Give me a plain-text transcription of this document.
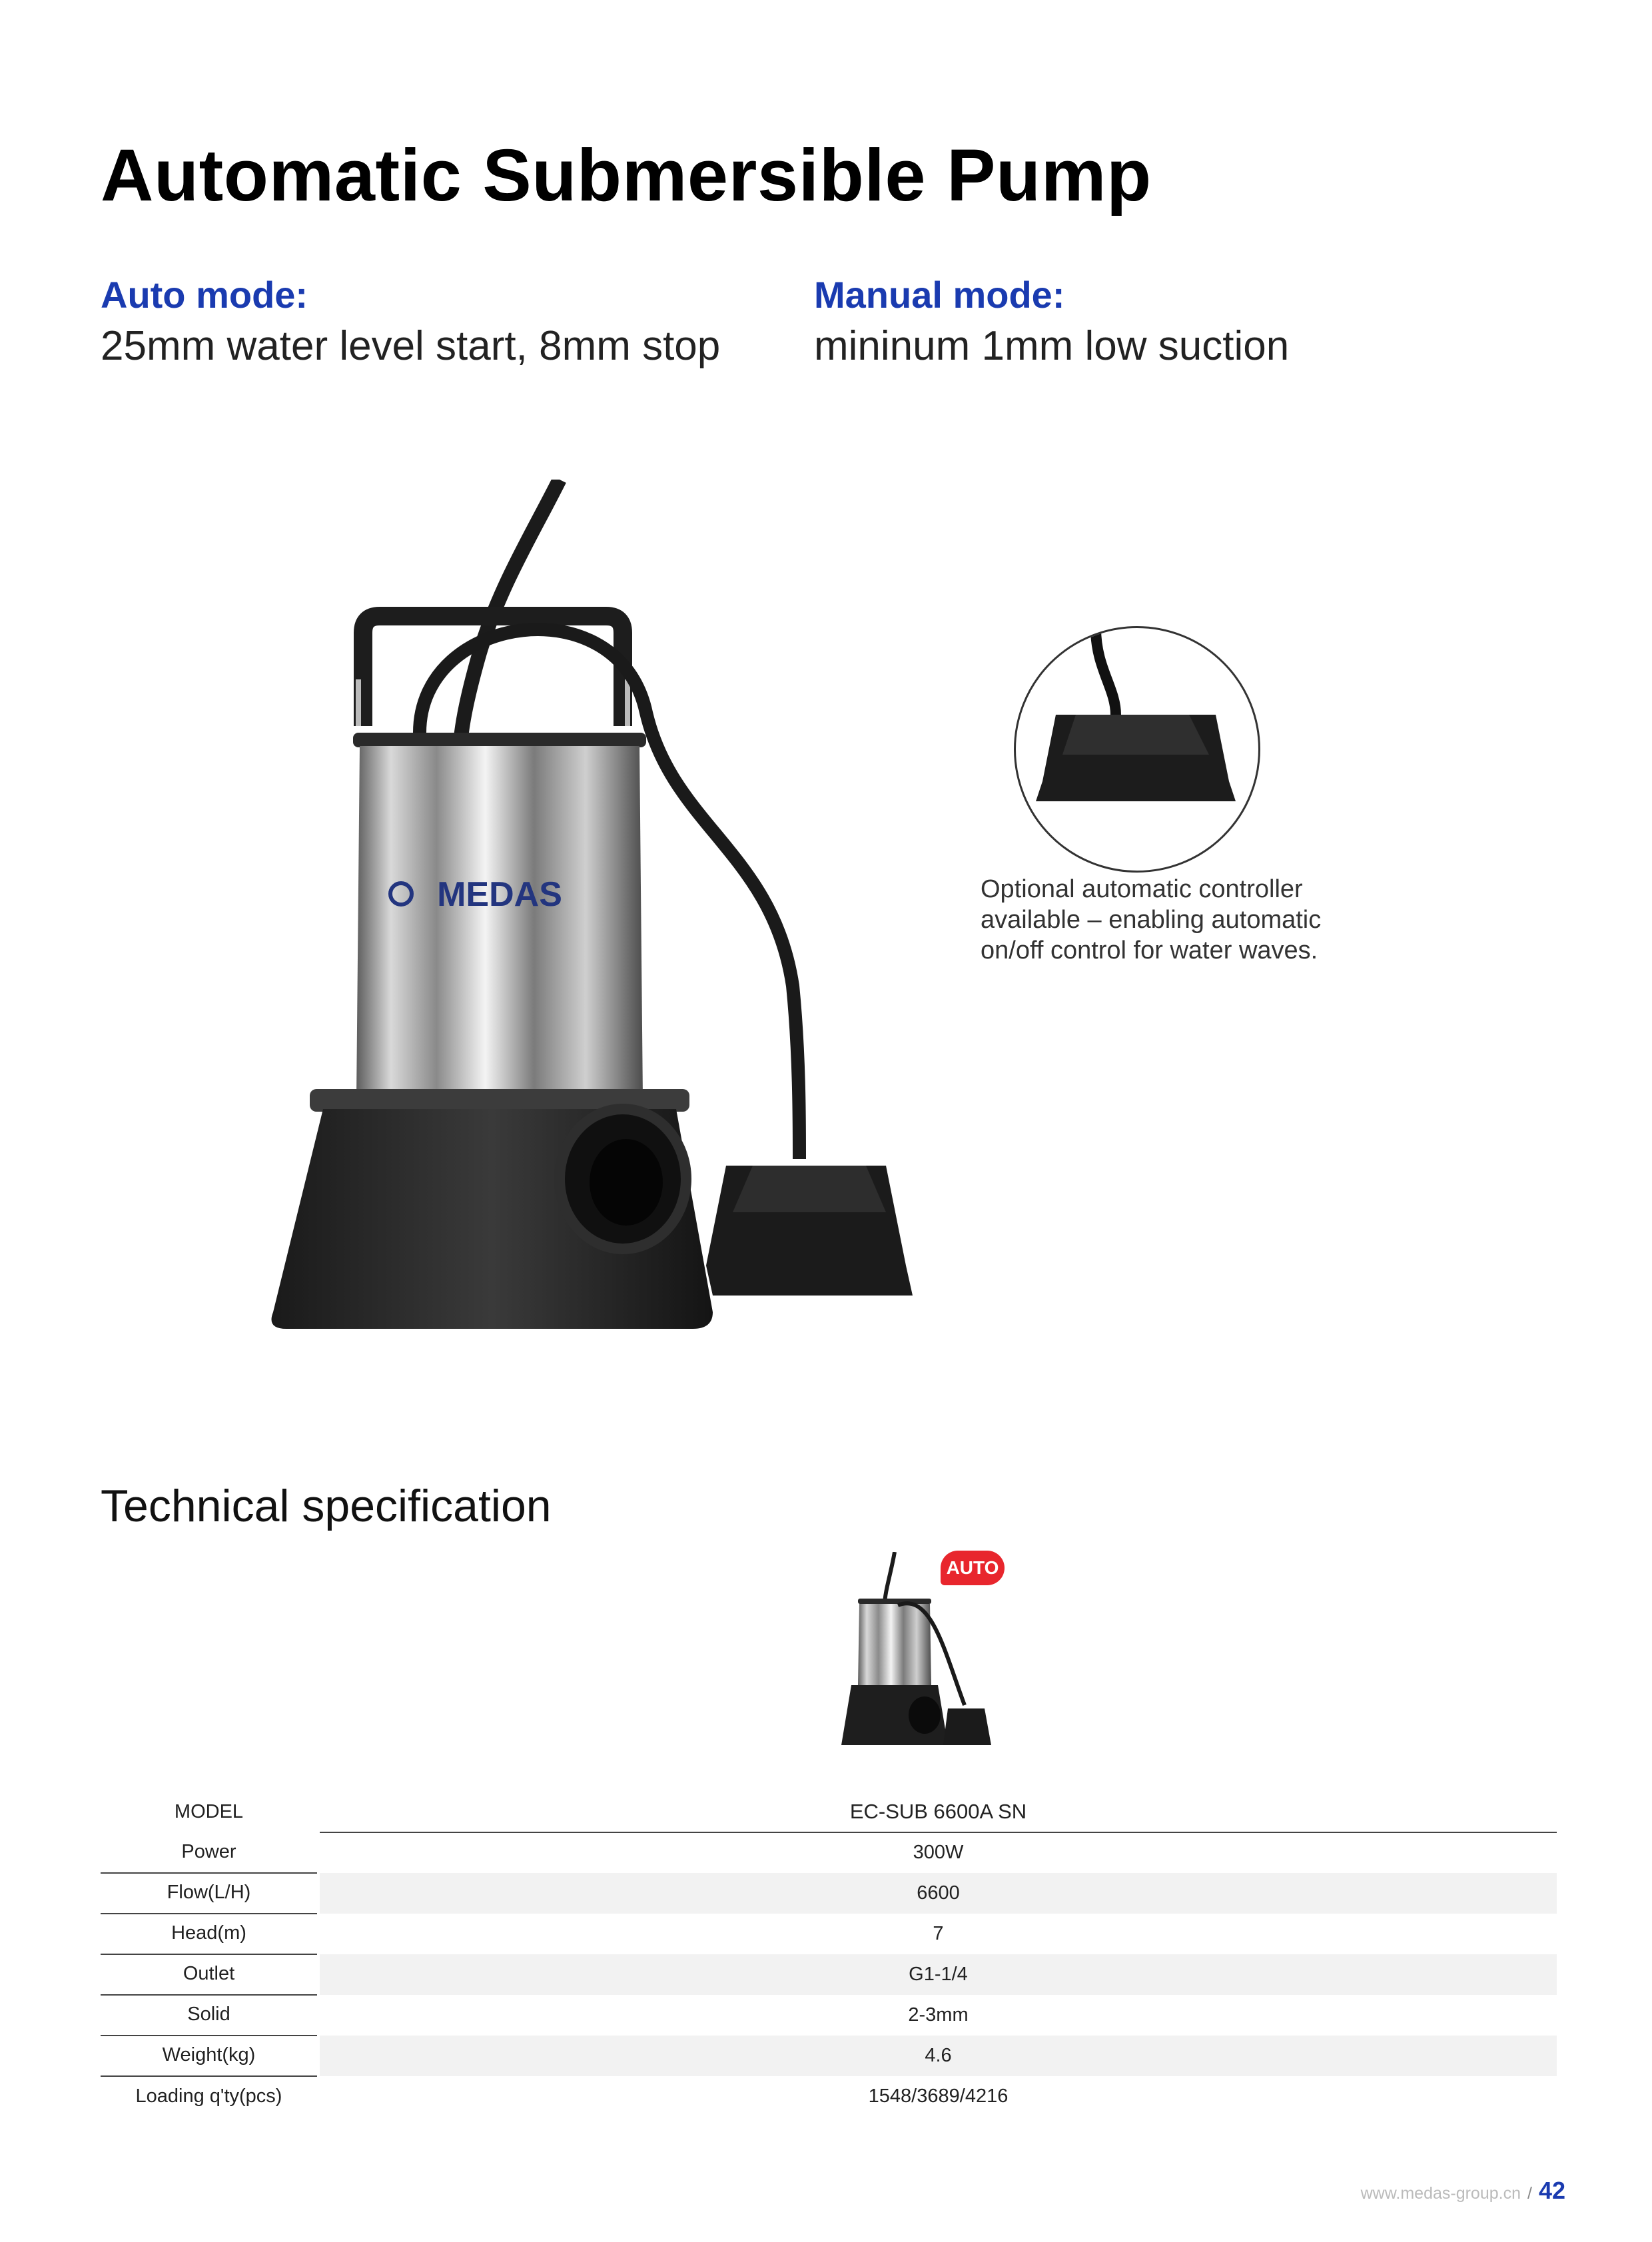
Automatic Submersible Pump
Auto mode:
25mm water level start, 8mm stop
Manual mode:
mininum 1mm low suction
MEDAS	Optional automatic controller
available – enabling automatic
on/off control for water waves.
Technical specification
AUTO
MODEL	EC-SUB 6600A SN
Power	300W
Flow(L/H)	6600
Head(m)	7
Outlet	G1-1/4
Solid	2-3mm
Weight(kg)	4.6
Loading q'ty(pcs)	1548/3689/4216
www.medas-group.cn / 42
